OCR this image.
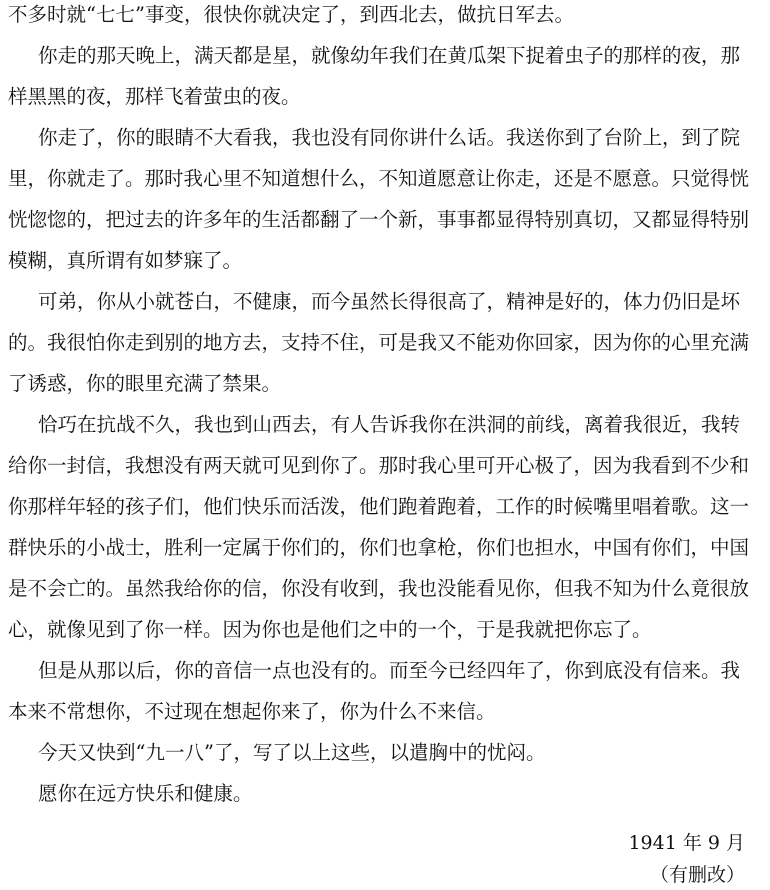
不多时就“七七”事变，很快你就决定了，到西北去，做抗日军去。
你走的那天晚上，满天都是星，就像幼年我们在黄瓜架下捉着虫子的那样的夜，那
样黑黑的夜，那样飞着萤虫的夜。
你走了，你的眼睛不大看我，我也没有同你讲什么话。我送你到了台阶上，到了院
里，你就走了。那时我心里不知道想什么，不知道愿意让你走，还是不愿意。只觉得恍
恍惚惚的，把过去的许多年的生活都翻了一个新，事事都显得特别真切，又都显得特别
模糊，真所谓有如梦寐了。
可弟，你从小就苍白，不健康，而今虽然长得很高了，精神是好的，体力仍旧是坏
的。我很怕你走到别的地方去，支持不住，可是我又不能劝你回家，因为你的心里充满
了诱惑，你的眼里充满了禁果。
恰巧在抗战不久，我也到山西去，有人告诉我你在洪洞的前线，离着我很近，我转
给你一封信，我想没有两天就可见到你了。那时我心里可开心极了，因为我看到不少和
你那样年轻的孩子们，他们快乐而活泼，他们跑着跑着，工作的时候嘴里唱着歌。这一
群快乐的小战士，胜利一定属于你们的，你们也拿枪，你们也担水，中国有你们，中国
是不会亡的。虽然我给你的信，你没有收到，我也没能看见你，但我不知为什么竟很放
心，就像见到了你一样。因为你也是他们之中的一个，于是我就把你忘了。
但是从那以后，你的音信一点也没有的。而至今已经四年了，你到底没有信来。我
本来不常想你，不过现在想起你来了，你为什么不来信。
今天又快到“九一八”了，写了以上这些，以遣胸中的忧闷。
愿你在远方快乐和健康。
1941 年 9 月
（有删改）
